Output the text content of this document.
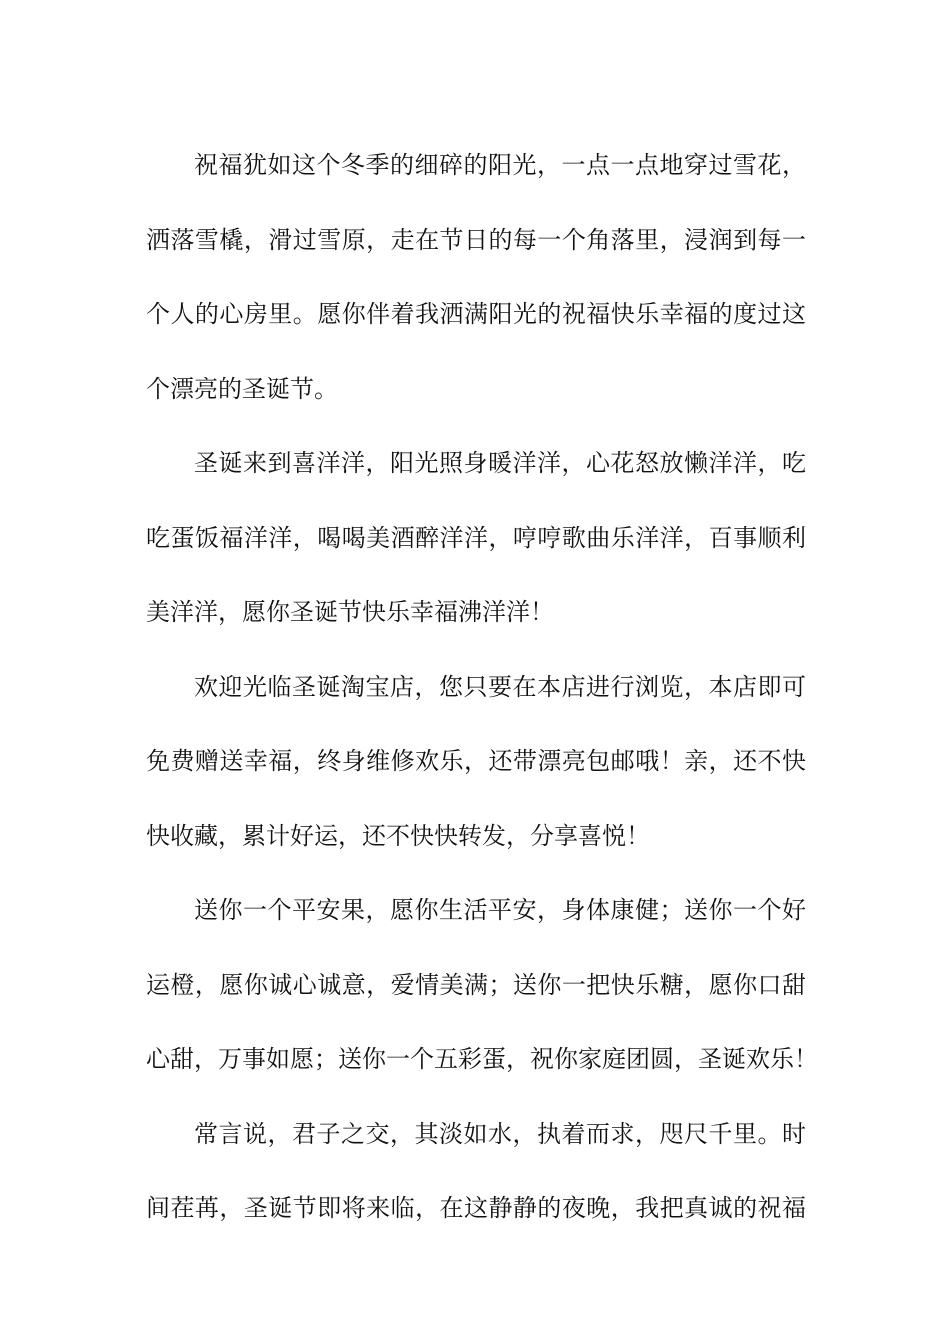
祝福犹如这个冬季的细碎的阳光，一点一点地穿过雪花，
洒落雪橇，滑过雪原，走在节日的每一个角落里，浸润到每一
个人的心房里。愿你伴着我洒满阳光的祝福快乐幸福的度过这
个漂亮的圣诞节。
圣诞来到喜洋洋，阳光照身暖洋洋，心花怒放懒洋洋，吃
吃蛋饭福洋洋，喝喝美酒醉洋洋，哼哼歌曲乐洋洋，百事顺利
美洋洋，愿你圣诞节快乐幸福沸洋洋！
欢迎光临圣诞淘宝店，您只要在本店进行浏览，本店即可
免费赠送幸福，终身维修欢乐，还带漂亮包邮哦！亲，还不快
快收藏，累计好运，还不快快转发，分享喜悦！
送你一个平安果，愿你生活平安，身体康健；送你一个好
运橙，愿你诚心诚意，爱情美满；送你一把快乐糖，愿你口甜
心甜，万事如愿；送你一个五彩蛋，祝你家庭团圆，圣诞欢乐！
常言说，君子之交，其淡如水，执着而求，咫尺千里。时
间茬苒，圣诞节即将来临，在这静静的夜晚，我把真诚的祝福
